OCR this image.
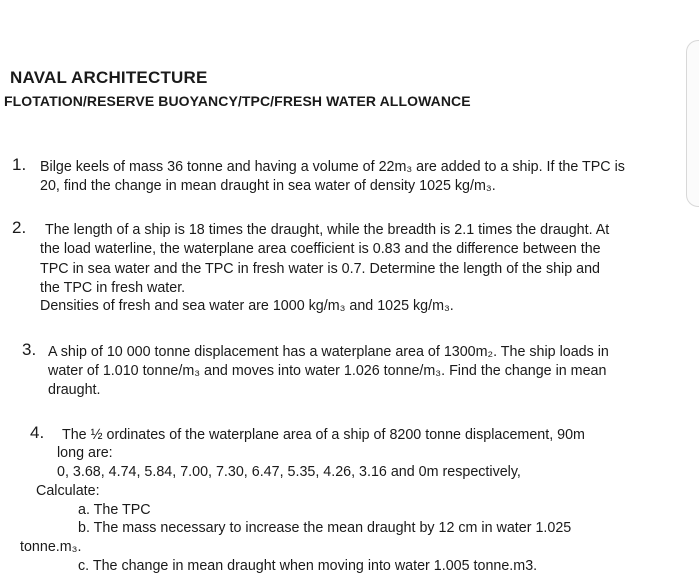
NAVAL ARCHITECTURE
FLOTATION/RESERVE BUOYANCY/TPC/FRESH WATER ALLOWANCE
1. Bilge keels of mass 36 tonne and having a volume of 22m₃ are added to a ship. If the TPC is
20, find the change in mean draught in sea water of density 1025 kg/m₃.
2. The length of a ship is 18 times the draught, while the breadth is 2.1 times the draught. At
the load waterline, the waterplane area coefficient is 0.83 and the difference between the
TPC in sea water and the TPC in fresh water is 0.7. Determine the length of the ship and
the TPC in fresh water.
Densities of fresh and sea water are 1000 kg/m₃ and 1025 kg/m₃.
3. A ship of 10 000 tonne displacement has a waterplane area of 1300m₂. The ship loads in
water of 1.010 tonne/m₃ and moves into water 1.026 tonne/m₃. Find the change in mean
draught.
4. The ½ ordinates of the waterplane area of a ship of 8200 tonne displacement, 90m
long are:
0, 3.68, 4.74, 5.84, 7.00, 7.30, 6.47, 5.35, 4.26, 3.16 and 0m respectively,
Calculate:
a. The TPC
b. The mass necessary to increase the mean draught by 12 cm in water 1.025
tonne.m₃.
c. The change in mean draught when moving into water 1.005 tonne.m3.
